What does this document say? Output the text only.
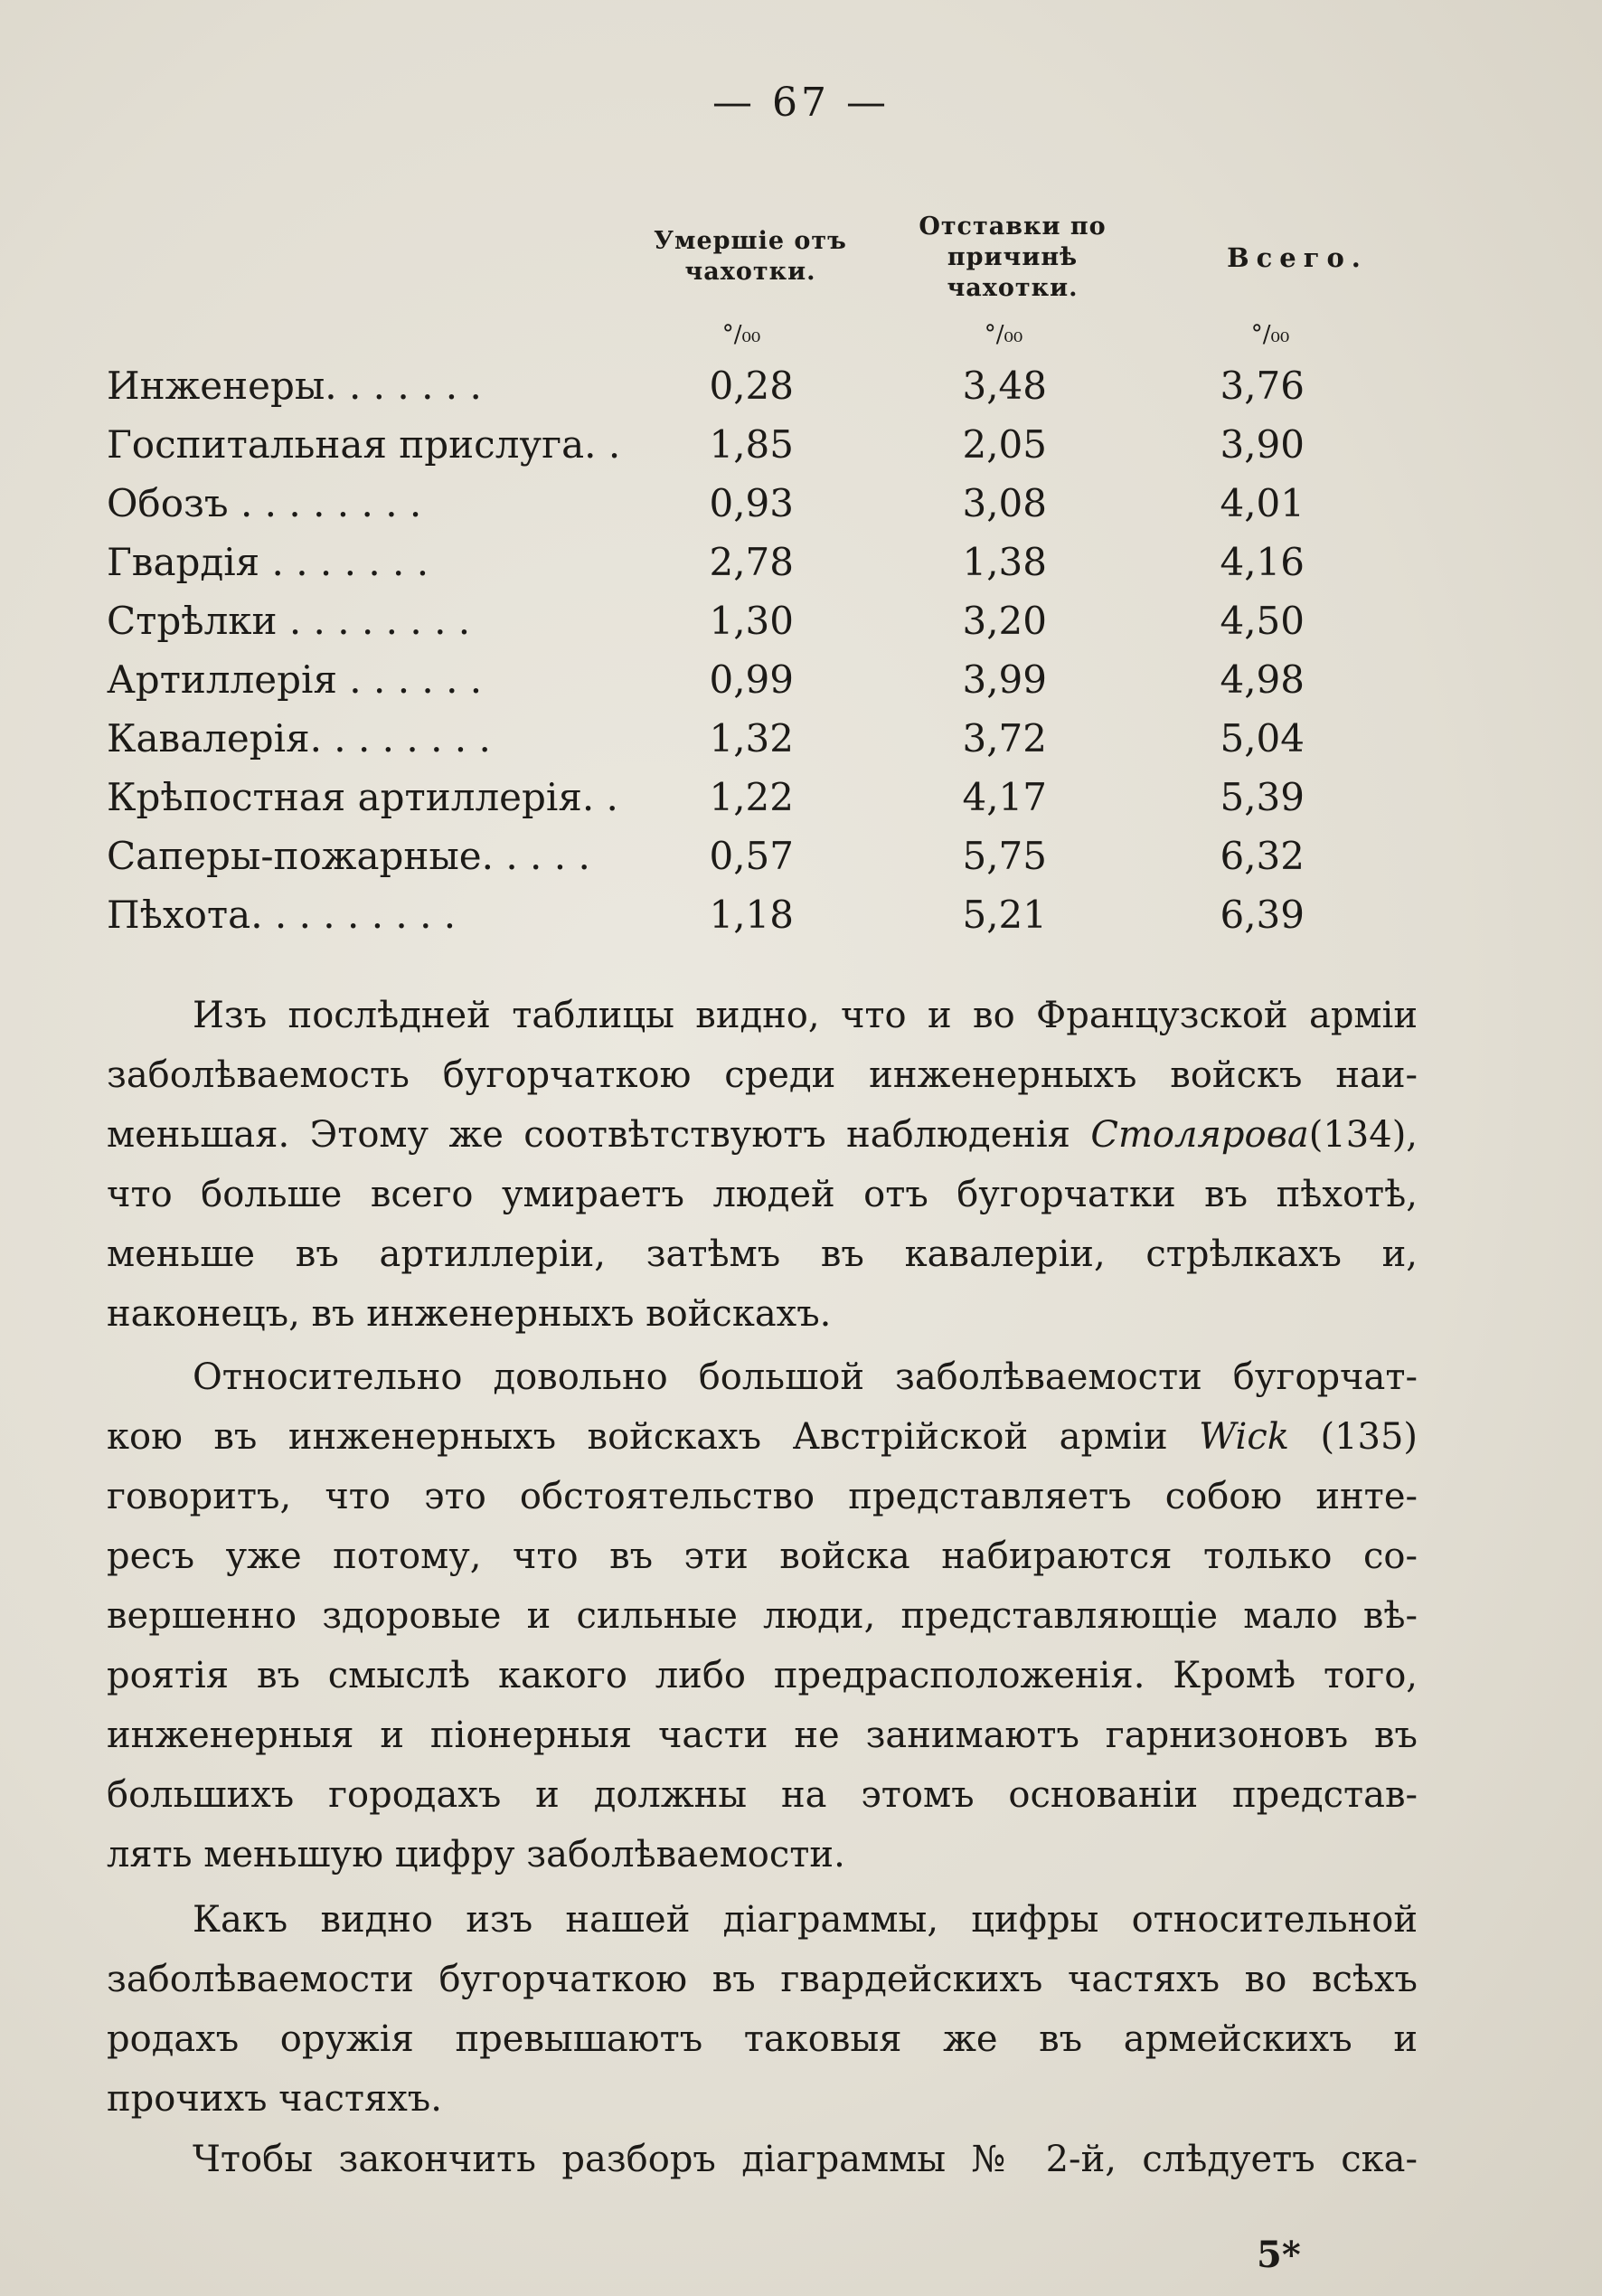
— 67 —
Умершіе отъ чахотки.
Отставки по причинѣ чахотки.
Всего.
°/₀₀	°/₀₀	°/₀₀
Инженеры. . . . . . .	0,28	3,48	3,76
Госпитальная прислуга. .	1,85	2,05	3,90
Обозъ . . . . . . . .	0,93	3,08	4,01
Гвардія . . . . . . .	2,78	1,38	4,16
Стрѣлки . . . . . . . .	1,30	3,20	4,50
Артиллерія . . . . . .	0,99	3,99	4,98
Кавалерія. . . . . . . .	1,32	3,72	5,04
Крѣпостная артиллерія. .	1,22	4,17	5,39
Саперы-пожарные. . . . .	0,57	5,75	6,32
Пѣхота. . . . . . . . .	1,18	5,21	6,39
Изъ послѣдней таблицы видно, что и во Французской арміи
заболѣваемость бугорчаткою среди инженерныхъ войскъ наи-
меньшая. Этому же соотвѣтствуютъ наблюденія Столярова(134),
что больше всего умираетъ людей отъ бугорчатки въ пѣхотѣ,
меньше въ артиллеріи, затѣмъ въ кавалеріи, стрѣлкахъ и,
наконецъ, въ инженерныхъ войскахъ.
Относительно довольно большой заболѣваемости бугорчат-
кою въ инженерныхъ войскахъ Австрійской арміи Wick (135)
говоритъ, что это обстоятельство представляетъ собою инте-
ресъ уже потому, что въ эти войска набираются только со-
вершенно здоровые и сильные люди, представляющіе мало вѣ-
роятія въ смыслѣ какого либо предрасположенія. Кромѣ того,
инженерныя и піонерныя части не занимаютъ гарнизоновъ въ
большихъ городахъ и должны на этомъ основаніи представ-
лять меньшую цифру заболѣваемости.
Какъ видно изъ нашей діаграммы, цифры относительной
заболѣваемости бугорчаткою въ гвардейскихъ частяхъ во всѣхъ
родахъ оружія превышаютъ таковыя же въ армейскихъ и
прочихъ частяхъ.
Чтобы закончить разборъ діаграммы № 2-й, слѣдуетъ ска-
5*
